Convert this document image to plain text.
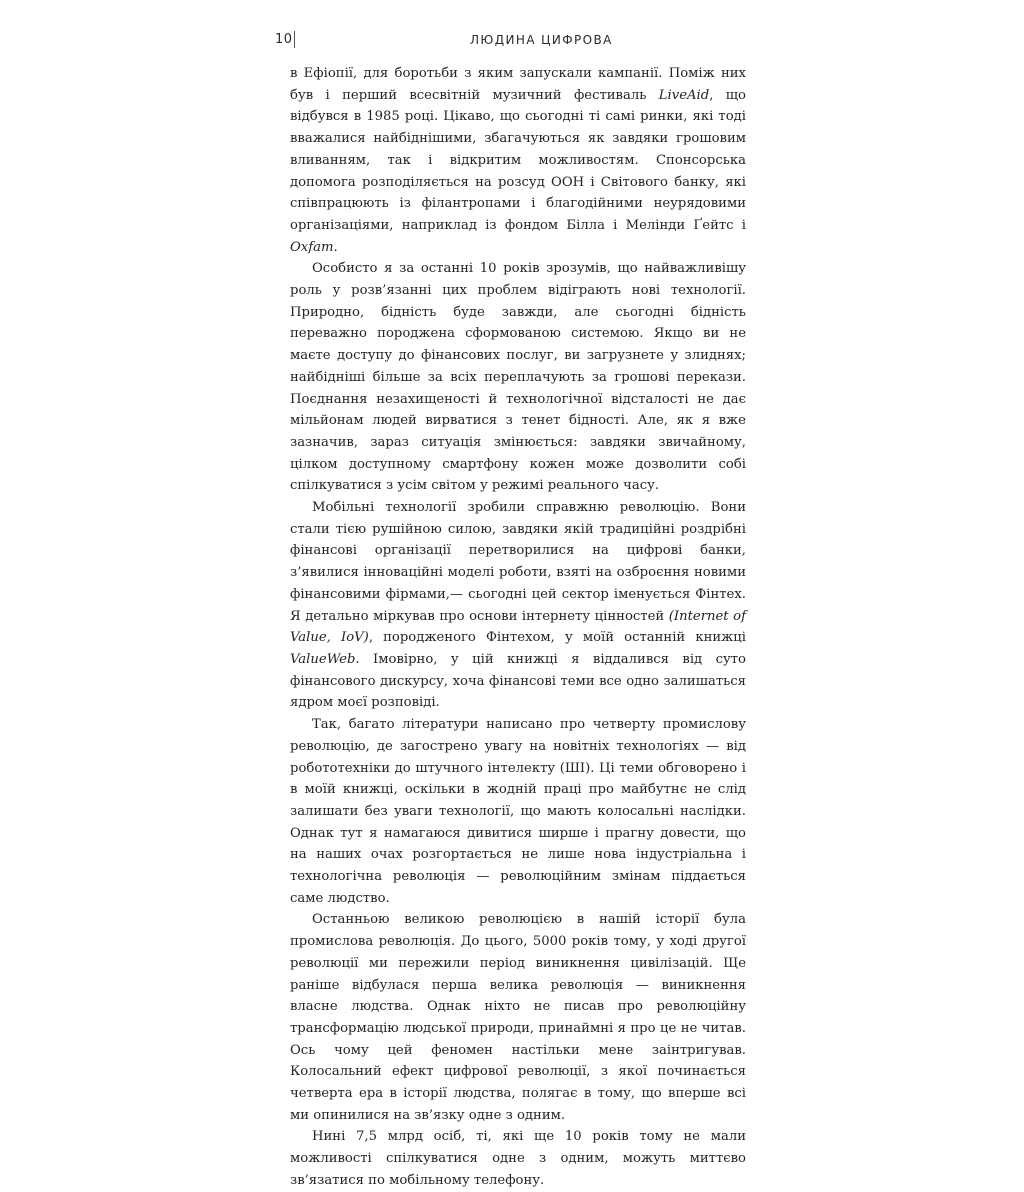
10	ЛЮДИНА ЦИФРОВА

в Ефіопії, для боротьби з яким запускали кампанії. Поміж них був і перший всесвітній музичний фестиваль LiveAid, що відбувся в 1985 році. Цікаво, що сьогодні ті самі ринки, які тоді вважалися найбіднішими, збагачуються як завдяки грошовим вливанням, так і відкритим можливостям. Спонсорська допомога розподіляється на розсуд ООН і Світового банку, які співпрацюють із філантропами і благодійними неурядовими організаціями, наприклад із фондом Білла і Мелінди Ґейтс і Oxfam.

Особисто я за останні 10 років зрозумів, що найважливішу роль у розв’язанні цих проблем відіграють нові технології. Природно, бідність буде завжди, але сьогодні бідність переважно породжена сформованою системою. Якщо ви не маєте доступу до фінансових послуг, ви загрузнете у злиднях; найбідніші більше за всіх переплачують за грошові перекази. Поєднання незахищеності й технологічної відсталості не дає мільйонам людей вирватися з тенет бідності. Але, як я вже зазначив, зараз ситуація змінюється: завдяки звичайному, цілком доступному смартфону кожен може дозволити собі спілкуватися з усім світом у режимі реального часу.

Мобільні технології зробили справжню революцію. Вони стали тією рушійною силою, завдяки якій традиційні роздрібні фінансові організації перетворилися на цифрові банки, з’явилися інноваційні моделі роботи, взяті на озброєння новими фінансовими фірмами,— сьогодні цей сектор іменується Фінтех. Я детально міркував про основи інтернету цінностей (Internet of Value, IoV), породженого Фінтехом, у моїй останній книжці ValueWeb. Імовірно, у цій книжці я віддалився від суто фінансового дискурсу, хоча фінансові теми все одно залишаться ядром моєї розповіді.

Так, багато літератури написано про четверту промислову революцію, де загострено увагу на новітніх технологіях — від робототехніки до штучного інтелекту (ШІ). Ці теми обговорено і в моїй книжці, оскільки в жодній праці про майбутнє не слід залишати без уваги технології, що мають колосальні наслідки. Однак тут я намагаюся дивитися ширше і прагну довести, що на наших очах розгортається не лише нова індустріальна і технологічна революція — революційним змінам піддається саме людство.

Останньою великою революцією в нашій історії була промислова революція. До цього, 5000 років тому, у ході другої революції ми пережили період виникнення цивілізацій. Ще раніше відбулася перша велика революція — виникнення власне людства. Однак ніхто не писав про революційну трансформацію людської природи, принаймні я про це не читав. Ось чому цей феномен настільки мене заінтригував. Колосальний ефект цифрової революції, з якої починається четверта ера в історії людства, полягає в тому, що вперше всі ми опинилися на зв’язку одне з одним.

Нині 7,5 млрд осіб, ті, які ще 10 років тому не мали можливості спілкуватися одне з одним, можуть миттєво зв’язатися по мобільному телефону.
